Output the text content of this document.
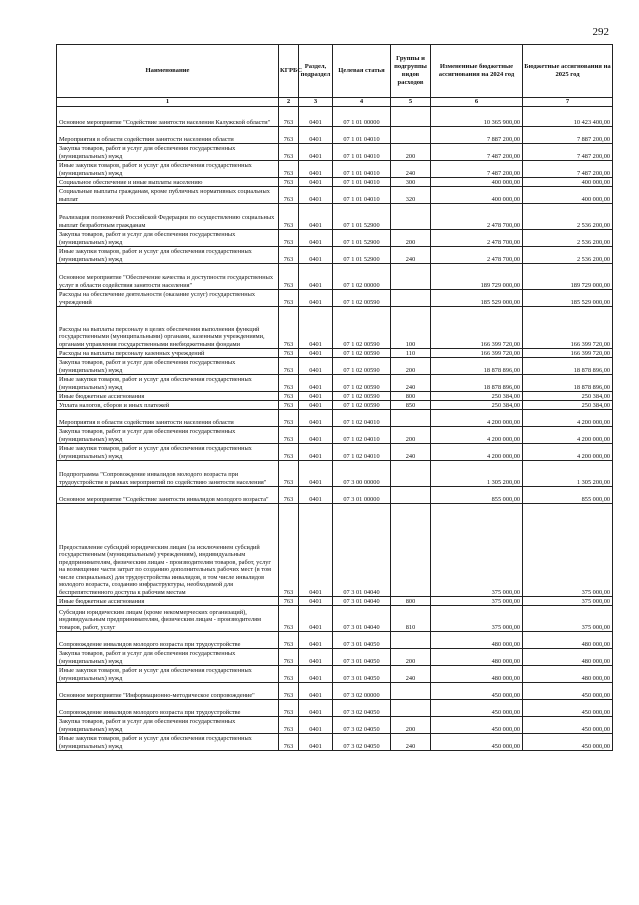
292
Наименование	КГРБС	Раздел, подраздел	Целевая статья	Группы и подгруппы видов расходов	Измененные бюджетные ассигнования на 2024 год	Бюджетные ассигнования на 2025 год
1	2	3	4	5	6	7
Основное мероприятие "Содействие занятости населения Калужской области"	763	0401	07 1 01 00000		10 365 900,00	10 423 400,00
Мероприятия в области содействия занятости населения области	763	0401	07 1 01 04010		7 887 200,00	7 887 200,00
Закупка товаров, работ и услуг для обеспечения государственных (муниципальных) нужд	763	0401	07 1 01 04010	200	7 487 200,00	7 487 200,00
Иные закупки товаров, работ и услуг для обеспечения государственных (муниципальных) нужд	763	0401	07 1 01 04010	240	7 487 200,00	7 487 200,00
Социальное обеспечение и иные выплаты населению	763	0401	07 1 01 04010	300	400 000,00	400 000,00
Социальные выплаты гражданам, кроме публичных нормативных социальных выплат	763	0401	07 1 01 04010	320	400 000,00	400 000,00
Реализация полномочий Российской Федерации по осуществлению социальных выплат безработным гражданам	763	0401	07 1 01 52900		2 478 700,00	2 536 200,00
Закупка товаров, работ и услуг для обеспечения государственных (муниципальных) нужд	763	0401	07 1 01 52900	200	2 478 700,00	2 536 200,00
Иные закупки товаров, работ и услуг для обеспечения государственных (муниципальных) нужд	763	0401	07 1 01 52900	240	2 478 700,00	2 536 200,00
Основное мероприятие "Обеспечение качества и доступности государственных услуг в области содействия занятости населения"	763	0401	07 1 02 00000		189 729 000,00	189 729 000,00
Расходы на обеспечение деятельности (оказание услуг) государственных учреждений	763	0401	07 1 02 00590		185 529 000,00	185 529 000,00
Расходы на выплаты персоналу в целях обеспечения выполнения функций государственными (муниципальными) органами, казенными учреждениями, органами управления государственными внебюджетными фондами	763	0401	07 1 02 00590	100	166 399 720,00	166 399 720,00
Расходы на выплаты персоналу казенных учреждений	763	0401	07 1 02 00590	110	166 399 720,00	166 399 720,00
Закупка товаров, работ и услуг для обеспечения государственных (муниципальных) нужд	763	0401	07 1 02 00590	200	18 878 896,00	18 878 896,00
Иные закупки товаров, работ и услуг для обеспечения государственных (муниципальных) нужд	763	0401	07 1 02 00590	240	18 878 896,00	18 878 896,00
Иные бюджетные ассигнования	763	0401	07 1 02 00590	800	250 384,00	250 384,00
Уплата налогов, сборов и иных платежей	763	0401	07 1 02 00590	850	250 384,00	250 384,00
Мероприятия в области содействия занятости населения области	763	0401	07 1 02 04010		4 200 000,00	4 200 000,00
Закупка товаров, работ и услуг для обеспечения государственных (муниципальных) нужд	763	0401	07 1 02 04010	200	4 200 000,00	4 200 000,00
Иные закупки товаров, работ и услуг для обеспечения государственных (муниципальных) нужд	763	0401	07 1 02 04010	240	4 200 000,00	4 200 000,00
Подпрограмма "Сопровождение инвалидов молодого возраста при трудоустройстве в рамках мероприятий по содействию занятости населения"	763	0401	07 3 00 00000		1 305 200,00	1 305 200,00
Основное мероприятие "Содействие занятости инвалидов молодого возраста"	763	0401	07 3 01 00000		855 000,00	855 000,00
Предоставление субсидий юридическим лицам (за исключением субсидий государственным (муниципальным) учреждениям), индивидуальным предпринимателям, физическим лицам - производителям товаров, работ, услуг на возмещение части затрат по созданию дополнительных рабочих мест (в том числе специальных) для трудоустройства инвалидов, в том числе инвалидов молодого возраста, созданию инфраструктуры, необходимой для беспрепятственного доступа к рабочим местам	763	0401	07 3 01 04040		375 000,00	375 000,00
Иные бюджетные ассигнования	763	0401	07 3 01 04040	800	375 000,00	375 000,00
Субсидии юридическим лицам (кроме некоммерческих организаций), индивидуальным предпринимателям, физическим лицам - производителям товаров, работ, услуг	763	0401	07 3 01 04040	810	375 000,00	375 000,00
Сопровождение инвалидов молодого возраста при трудоустройстве	763	0401	07 3 01 04050		480 000,00	480 000,00
Закупка товаров, работ и услуг для обеспечения государственных (муниципальных) нужд	763	0401	07 3 01 04050	200	480 000,00	480 000,00
Иные закупки товаров, работ и услуг для обеспечения государственных (муниципальных) нужд	763	0401	07 3 01 04050	240	480 000,00	480 000,00
Основное мероприятие "Информационно-методическое сопровождение"	763	0401	07 3 02 00000		450 000,00	450 000,00
Сопровождение инвалидов молодого возраста при трудоустройстве	763	0401	07 3 02 04050		450 000,00	450 000,00
Закупка товаров, работ и услуг для обеспечения государственных (муниципальных) нужд	763	0401	07 3 02 04050	200	450 000,00	450 000,00
Иные закупки товаров, работ и услуг для обеспечения государственных (муниципальных) нужд	763	0401	07 3 02 04050	240	450 000,00	450 000,00
